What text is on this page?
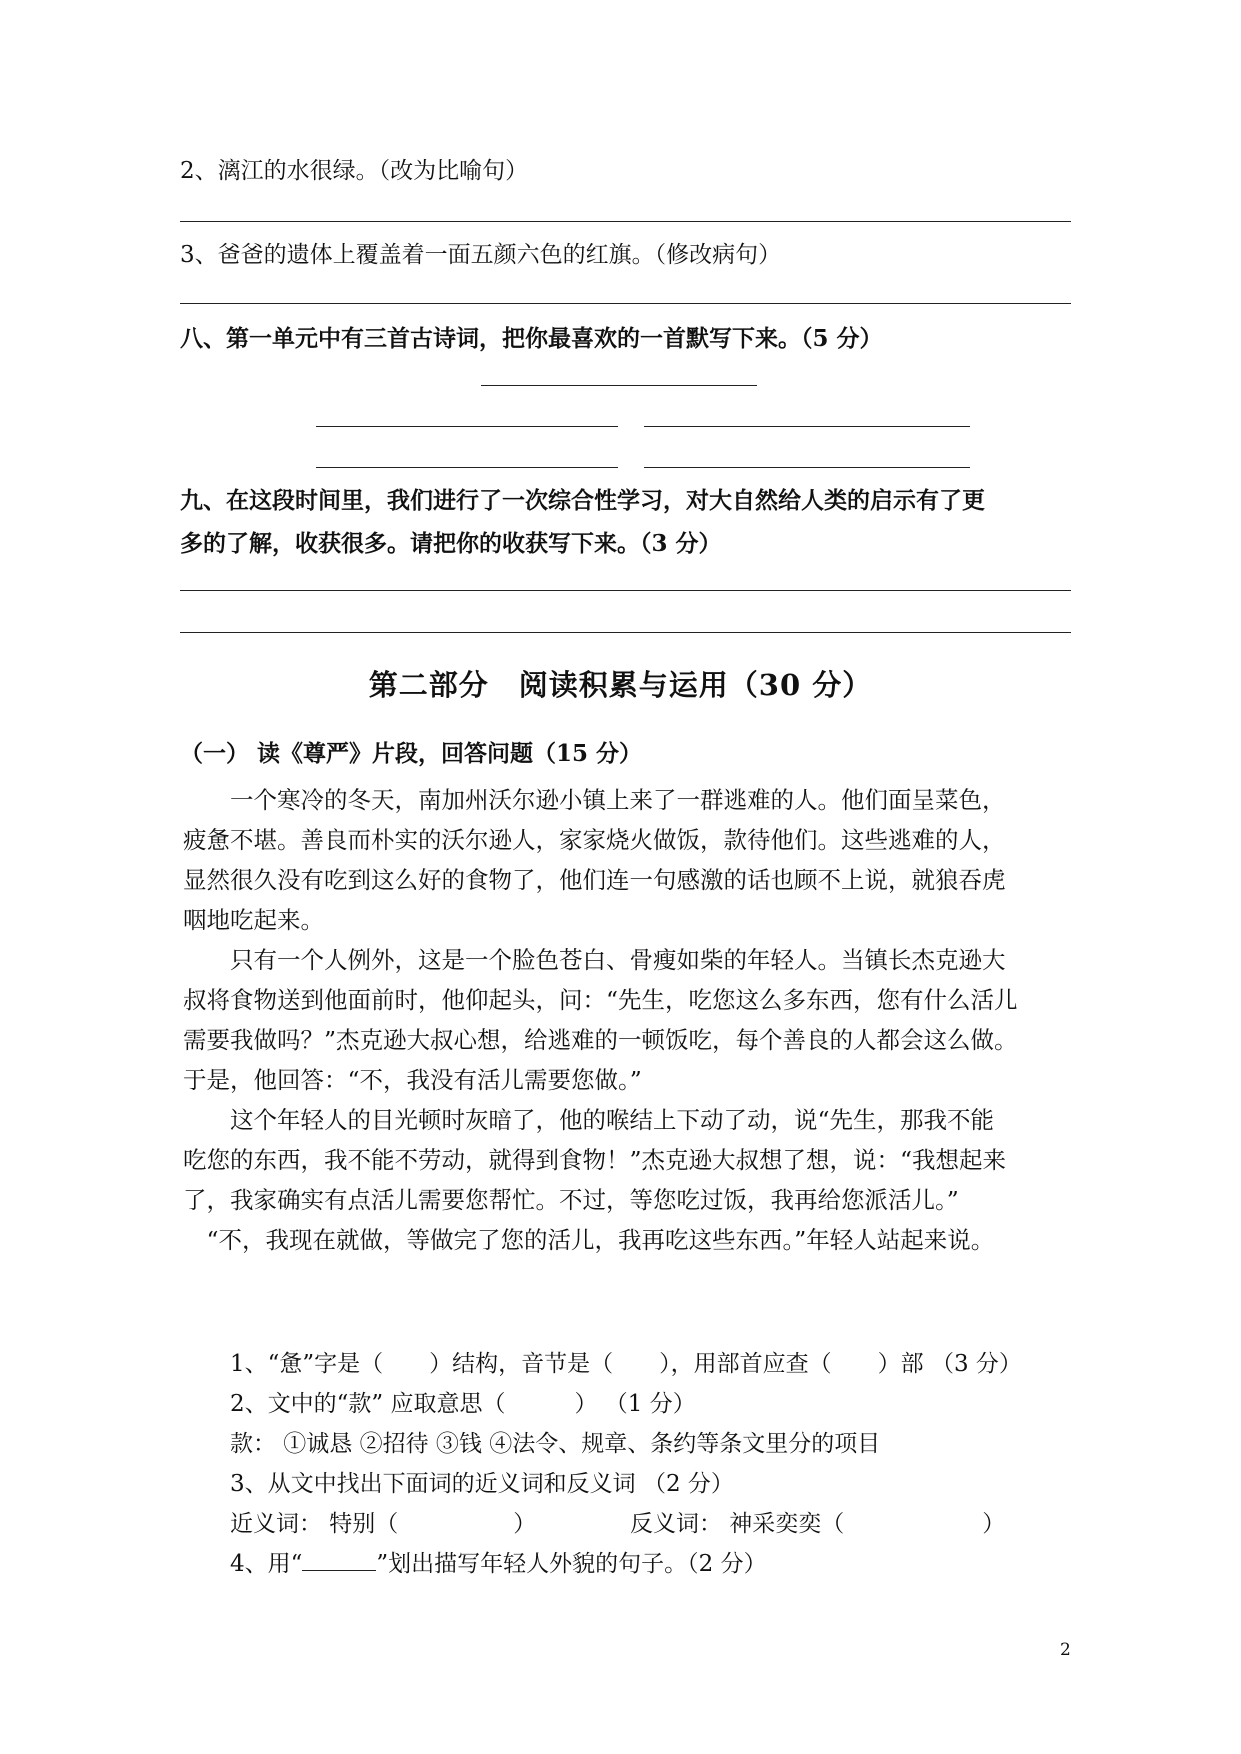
2、漓江的水很绿。（改为比喻句）
3、爸爸的遗体上覆盖着一面五颜六色的红旗。（修改病句）
八、第一单元中有三首古诗词，把你最喜欢的一首默写下来。（5 分）
九、在这段时间里，我们进行了一次综合性学习，对大自然给人类的启示有了更
多的了解，收获很多。请把你的收获写下来。（3 分）
第二部分　阅读积累与运用（30 分）
（一） 读《尊严》片段，回答问题（15 分）
　　一个寒冷的冬天，南加州沃尔逊小镇上来了一群逃难的人。他们面呈菜色，
疲惫不堪。善良而朴实的沃尔逊人，家家烧火做饭，款待他们。这些逃难的人，
显然很久没有吃到这么好的食物了，他们连一句感激的话也顾不上说，就狼吞虎
咽地吃起来。
　　只有一个人例外，这是一个脸色苍白、骨瘦如柴的年轻人。当镇长杰克逊大
叔将食物送到他面前时，他仰起头，问：“先生，吃您这么多东西，您有什么活儿
需要我做吗？”杰克逊大叔心想，给逃难的一顿饭吃，每个善良的人都会这么做。
于是，他回答：“不，我没有活儿需要您做。”
　　这个年轻人的目光顿时灰暗了，他的喉结上下动了动，说“先生，那我不能
吃您的东西，我不能不劳动，就得到食物！”杰克逊大叔想了想，说：“我想起来
了，我家确实有点活儿需要您帮忙。不过，等您吃过饭，我再给您派活儿。”
　“不，我现在就做，等做完了您的活儿，我再吃这些东西。”年轻人站起来说。
1、“惫”字是（　　）结构，音节是（　　），用部首应查（　　）部 （3 分）
2、文中的“款” 应取意思（　　　） （1 分）
款： ①诚恳 ②招待 ③钱 ④法令、规章、条约等条文里分的项目
3、从文中找出下面词的近义词和反义词 （2 分）
近义词： 特别（　　　　　）	反义词： 神采奕奕（　　　　　　）
4、用“	”划出描写年轻人外貌的句子。（2 分）
2
